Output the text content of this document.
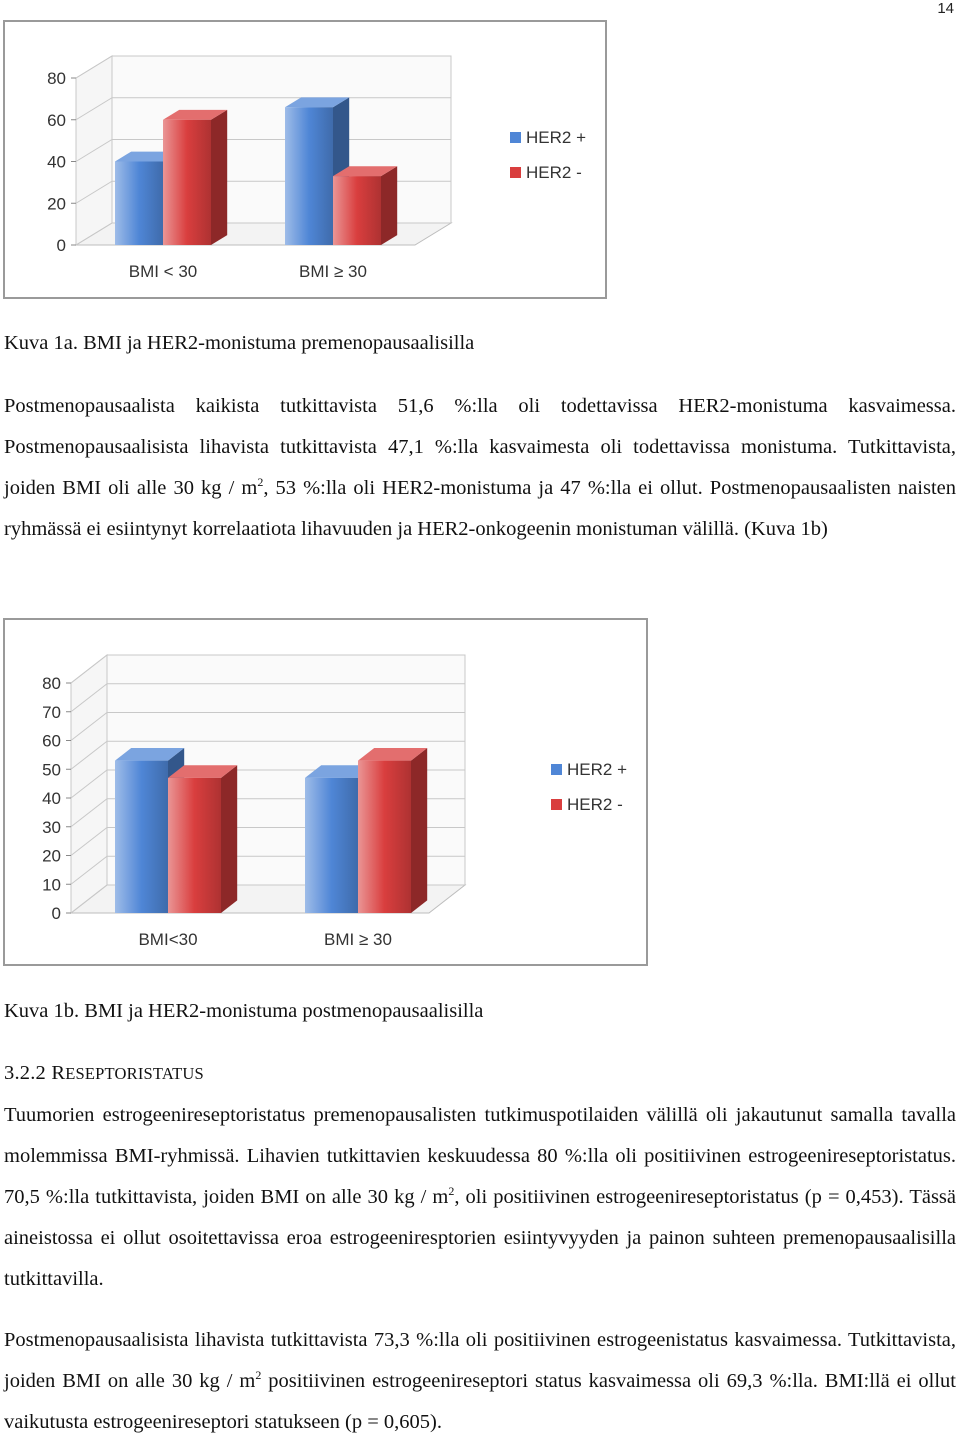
14
0
20
40
60
80
BMI < 30	BMI ≥ 30
HER2 +
HER2 -

Kuva 1a. BMI ja HER2-monistuma premenopausaalisilla

Postmenopausaalista kaikista tutkittavista 51,6 %:lla oli todettavissa HER2-monistuma kasvaimessa. Postmenopausaalisista lihavista tutkittavista 47,1 %:lla kasvaimesta oli todettavissa monistuma. Tutkittavista, joiden BMI oli alle 30 kg / $m^2$, 53 %:lla oli HER2-monistuma ja 47 %:lla ei ollut. Postmenopausaalisten naisten ryhmässä ei esiintynyt korrelaatiota lihavuuden ja HER2-onkogeenin monistuman välillä. (Kuva 1b)

0
10
20
30
40
50
60
70
80
BMI<30	BMI ≥ 30
HER2 +
HER2 -

Kuva 1b. BMI ja HER2-monistuma postmenopausaalisilla

3.2.2 RESEPTORISTATUS

Tuumorien estrogeenireseptoristatus premenopausalisten tutkimuspotilaiden välillä oli jakautunut samalla tavalla molemmissa BMI-ryhmissä. Lihavien tutkittavien keskuudessa 80 %:lla oli positiivinen estrogeenireseptoristatus. 70,5 %:lla tutkittavista, joiden BMI on alle 30 kg / $m^2$, oli positiivinen estrogeenireseptoristatus (p = 0,453). Tässä aineistossa ei ollut osoitettavissa eroa estrogeeniresptorien esiintyvyyden ja painon suhteen premenopausaalisilla tutkittavilla.

Postmenopausaalisista lihavista tutkittavista 73,3 %:lla oli positiivinen estrogeenistatus kasvaimessa. Tutkittavista, joiden BMI on alle 30 kg / $m^2$ positiivinen estrogeenireseptori status kasvaimessa oli 69,3 %:lla. BMI:llä ei ollut vaikutusta estrogeenireseptori statukseen (p = 0,605).
